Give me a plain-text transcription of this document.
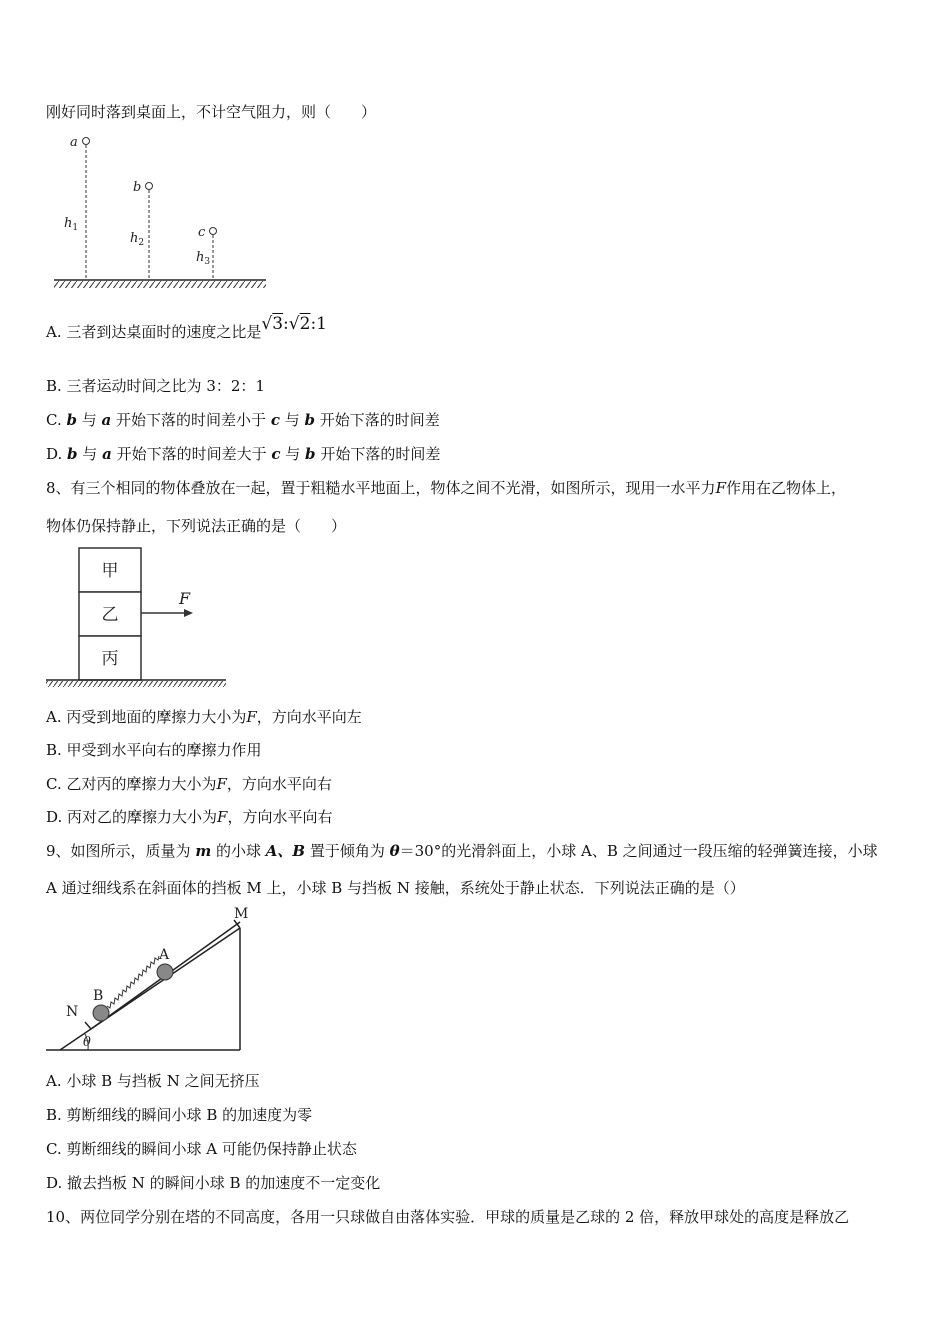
刚好同时落到桌面上，不计空气阻力，则（　　）
a
b
c
$h_1$
$h_2$
$h_3$
A. 三者到达桌面时的速度之比是√3:√2:1
B. 三者运动时间之比为 3：2：1
C. b 与 a 开始下落的时间差小于 c 与 b 开始下落的时间差
D. b 与 a 开始下落的时间差大于 c 与 b 开始下落的时间差
8、有三个相同的物体叠放在一起，置于粗糙水平地面上，物体之间不光滑，如图所示，现用一水平力F作用在乙物体上，
物体仍保持静止，下列说法正确的是（　　）
甲
乙
丙
F
A. 丙受到地面的摩擦力大小为F，方向水平向左
B. 甲受到水平向右的摩擦力作用
C. 乙对丙的摩擦力大小为F，方向水平向右
D. 丙对乙的摩擦力大小为F，方向水平向右
9、如图所示，质量为 m 的小球 A、B 置于倾角为 θ＝30°的光滑斜面上，小球 A、B 之间通过一段压缩的轻弹簧连接，小球
A 通过细线系在斜面体的挡板 M 上，小球 B 与挡板 N 接触，系统处于静止状态．下列说法正确的是（）
M
N
A
B
θ
A. 小球 B 与挡板 N 之间无挤压
B. 剪断细线的瞬间小球 B 的加速度为零
C. 剪断细线的瞬间小球 A 可能仍保持静止状态
D. 撤去挡板 N 的瞬间小球 B 的加速度不一定变化
10、两位同学分别在塔的不同高度，各用一只球做自由落体实验．甲球的质量是乙球的 2 倍，释放甲球处的高度是释放乙
